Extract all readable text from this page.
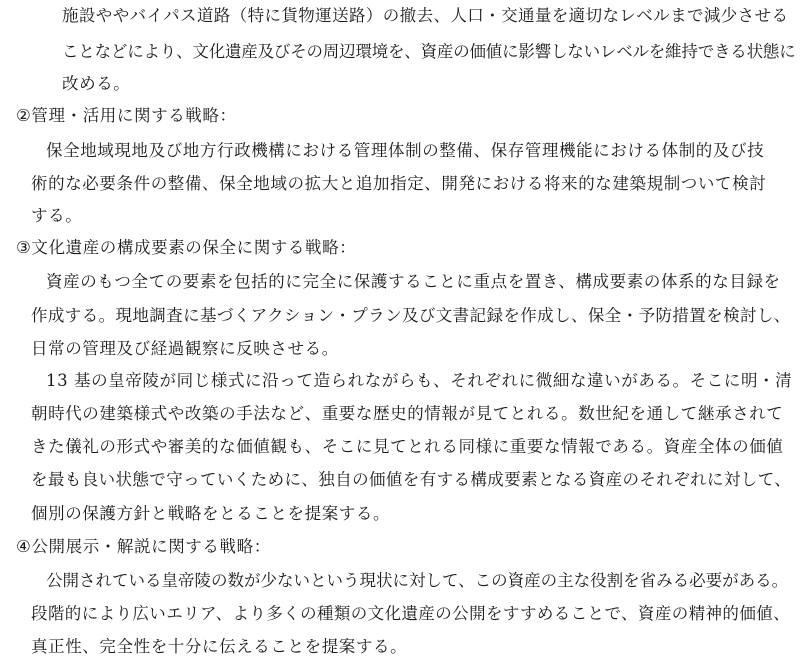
施設ややバイパス道路（特に貨物運送路）の撤去、人口・交通量を適切なレベルまで減少させる
ことなどにより、文化遺産及びその周辺環境を、資産の価値に影響しないレベルを維持できる状態に
改める。
②管理・活用に関する戦略：
保全地域現地及び地方行政機構における管理体制の整備、保存管理機能における体制的及び技
術的な必要条件の整備、保全地域の拡大と追加指定、開発における将来的な建築規制ついて検討
する。
③文化遺産の構成要素の保全に関する戦略：
資産のもつ全ての要素を包括的に完全に保護することに重点を置き、構成要素の体系的な目録を
作成する。現地調査に基づくアクション・プラン及び文書記録を作成し、保全・予防措置を検討し、
日常の管理及び経過観察に反映させる。
13 基の皇帝陵が同じ様式に沿って造られながらも、それぞれに微細な違いがある。そこに明・清
朝時代の建築様式や改築の手法など、重要な歴史的情報が見てとれる。数世紀を通して継承されて
きた儀礼の形式や審美的な価値観も、そこに見てとれる同様に重要な情報である。資産全体の価値
を最も良い状態で守っていくために、独自の価値を有する構成要素となる資産のそれぞれに対して、
個別の保護方針と戦略をとることを提案する。
④公開展示・解説に関する戦略：
公開されている皇帝陵の数が少ないという現状に対して、この資産の主な役割を省みる必要がある。
段階的により広いエリア、より多くの種類の文化遺産の公開をすすめることで、資産の精神的価値、
真正性、完全性を十分に伝えることを提案する。
